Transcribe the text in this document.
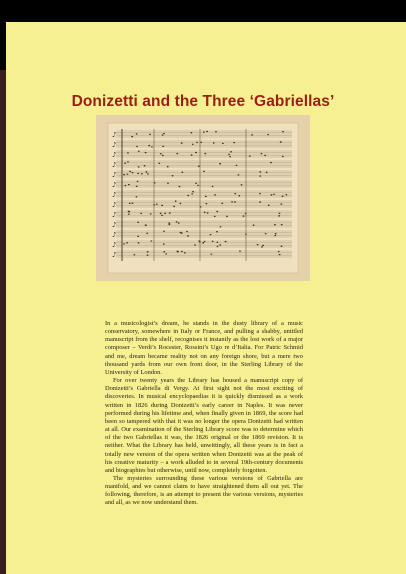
Donizetti and the Three ‘Gabriellas’
♪
♪
♪
♪
♪
♪
♪
♪
♪
♪
♪
♪
♪

In a musicologist’s dream, he stands in the dusty library of a music conservatory, somewhere in Italy or France, and pulling a shabby, untitled manuscript from the shelf, recognises it instantly as the lost work of a major composer – Verdi’s Rocester, Rossini’s Ugo re d’Italia. For Patric Schmid and me, dream became reality not on any foreign shore, but a mere two thousand yards from our own front door, in the Sterling Library of the University of London.

For over twenty years the Library has housed a manuscript copy of Donizetti’s Gabriella di Vergy. At first sight not the most exciting of discoveries. In musical encyclopaedias it is quickly dismissed as a work written in 1826 during Donizetti’s early career in Naples. It was never performed during his lifetime and, when finally given in 1869, the score had been so tampered with that it was no longer the opera Donizetti had written at all. Our examination of the Sterling Library score was to determine which of the two Gabriellas it was, the 1826 original or the 1869 revision. It is neither. What the Library has held, unwittingly, all these years is in fact a totally new version of the opera written when Donizetti was at the peak of his creative maturity – a work alluded to in several 19th-century documents and biographies but otherwise, until now, completely forgotten.

The mysteries surrounding these various versions of Gabriella are manifold, and we cannot claim to have straightened them all out yet. The following, therefore, is an attempt to present the various versions, mysteries and all, as we now understand them.
